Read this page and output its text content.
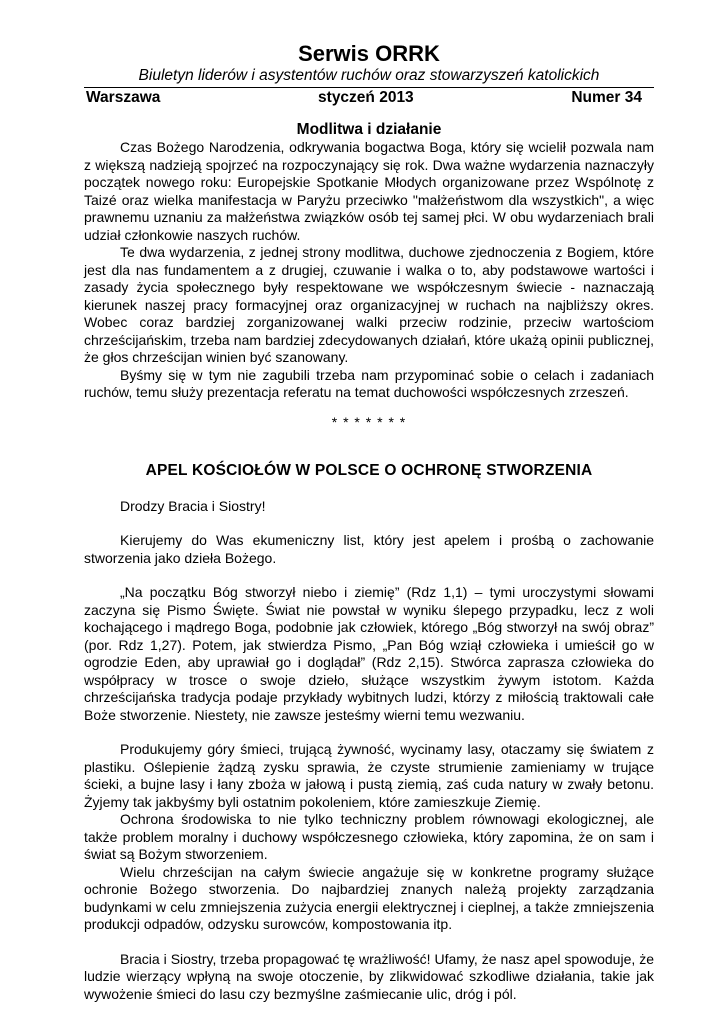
Serwis ORRK
Biuletyn liderów i asystentów ruchów oraz stowarzyszeń katolickich
Warszawa	styczeń 2013	Numer 34
Modlitwa i działanie

Czas Bożego Narodzenia, odkrywania bogactwa Boga, który się wcielił pozwala nam z większą nadzieją spojrzeć na rozpoczynający się rok. Dwa ważne wydarzenia naznaczyły początek nowego roku: Europejskie Spotkanie Młodych organizowane przez Wspólnotę z Taizé oraz wielka manifestacja w Paryżu przeciwko "małżeństwom dla wszystkich", a więc prawnemu uznaniu za małżeństwa związków osób tej samej płci. W obu wydarzeniach brali udział członkowie naszych ruchów.

Te dwa wydarzenia, z jednej strony modlitwa, duchowe zjednoczenia z Bogiem, które jest dla nas fundamentem a z drugiej, czuwanie i walka o to, aby podstawowe wartości i zasady życia społecznego były respektowane we współczesnym świecie - naznaczają kierunek naszej pracy formacyjnej oraz organizacyjnej w ruchach na najbliższy okres. Wobec coraz bardziej zorganizowanej walki przeciw rodzinie, przeciw wartościom chrześcijańskim, trzeba nam bardziej zdecydowanych działań, które ukażą opinii publicznej, że głos chrześcijan winien być szanowany.

Byśmy się w tym nie zagubili trzeba nam przypominać sobie o celach i zadaniach ruchów, temu służy prezentacja referatu na temat duchowości współczesnych zrzeszeń.

* * * * * * *
APEL KOŚCIOŁÓW W POLSCE O OCHRONĘ STWORZENIA

Drodzy Bracia i Siostry!

Kierujemy do Was ekumeniczny list, który jest apelem i prośbą o zachowanie stworzenia jako dzieła Bożego.

„Na początku Bóg stworzył niebo i ziemię” (Rdz 1,1) – tymi uroczystymi słowami zaczyna się Pismo Święte. Świat nie powstał w wyniku ślepego przypadku, lecz z woli kochającego i mądrego Boga, podobnie jak człowiek, którego „Bóg stworzył na swój obraz” (por. Rdz 1,27). Potem, jak stwierdza Pismo, „Pan Bóg wziął człowieka i umieścił go w ogrodzie Eden, aby uprawiał go i doglądał” (Rdz 2,15). Stwórca zaprasza człowieka do współpracy w trosce o swoje dzieło, służące wszystkim żywym istotom. Każda chrześcijańska tradycja podaje przykłady wybitnych ludzi, którzy z miłością traktowali całe Boże stworzenie. Niestety, nie zawsze jesteśmy wierni temu wezwaniu.

Produkujemy góry śmieci, trującą żywność, wycinamy lasy, otaczamy się światem z plastiku. Oślepienie żądzą zysku sprawia, że czyste strumienie zamieniamy w trujące ścieki, a bujne lasy i łany zboża w jałową i pustą ziemią, zaś cuda natury w zwały betonu. Żyjemy tak jakbyśmy byli ostatnim pokoleniem, które zamieszkuje Ziemię.

Ochrona środowiska to nie tylko techniczny problem równowagi ekologicznej, ale także problem moralny i duchowy współczesnego człowieka, który zapomina, że on sam i świat są Bożym stworzeniem.

Wielu chrześcijan na całym świecie angażuje się w konkretne programy służące ochronie Bożego stworzenia. Do najbardziej znanych należą projekty zarządzania budynkami w celu zmniejszenia zużycia energii elektrycznej i cieplnej, a także zmniejszenia produkcji odpadów, odzysku surowców, kompostowania itp.

Bracia i Siostry, trzeba propagować tę wrażliwość! Ufamy, że nasz apel spowoduje, że ludzie wierzący wpłyną na swoje otoczenie, by zlikwidować szkodliwe działania, takie jak wywożenie śmieci do lasu czy bezmyślne zaśmiecanie ulic, dróg i pól.
